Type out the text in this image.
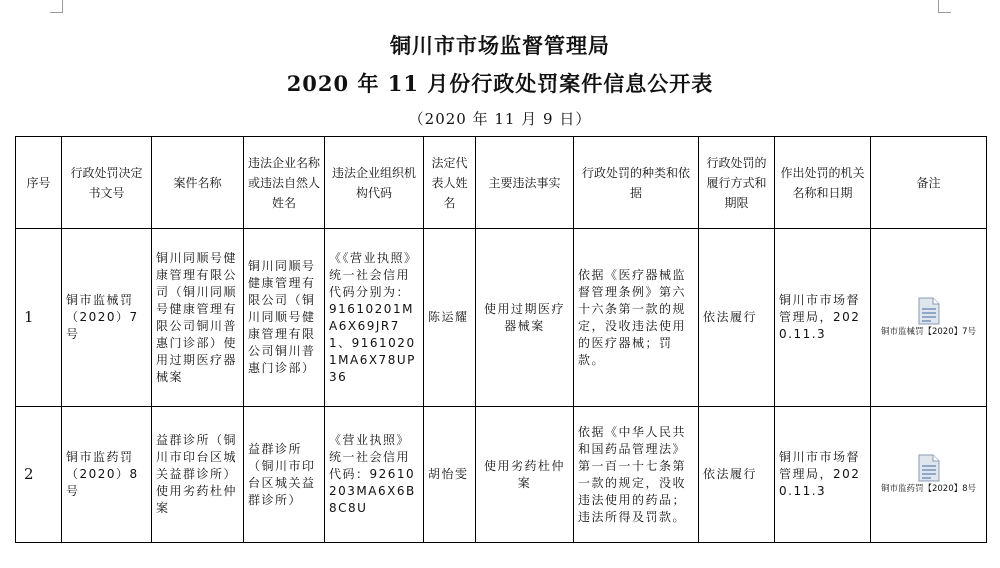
铜川市市场监督管理局
2020 年 11 月份行政处罚案件信息公开表
（2020 年 11 月 9 日）
序号	行政处罚决定书文号	案件名称	违法企业名称或违法自然人姓名	违法企业组织机构代码	法定代表人姓名	主要违法事实	行政处罚的种类和依据	行政处罚的履行方式和期限	作出处罚的机关名称和日期	备注
1	铜市监械罚（2020）7号	铜川同顺号健康管理有限公司（铜川同顺号健康管理有限公司铜川普惠门诊部）使用过期医疗器械案	铜川同顺号健康管理有限公司（铜川同顺号健康管理有限公司铜川普惠门诊部）	《《营业执照》统一社会信用代码分别为：91610201MA6X69JR71、91610201MA6X78UP36	陈运耀	使用过期医疗器械案	依据《医疗器械监督管理条例》第六十六条第一款的规定，没收违法使用的医疗器械；罚款。	依法履行	铜川市市场督管理局，2020.11.3	铜市监械罚【2020】7号

2	铜市监药罚（2020）8号	益群诊所（铜川市印台区城关益群诊所）使用劣药杜仲案	益群诊所（铜川市印台区城关益群诊所）	《营业执照》统一社会信用代码：92610203MA6X6B8C8U	胡怡雯	使用劣药杜仲案	依据《中华人民共和国药品管理法》第一百一十七条第一款的规定，没收违法使用的药品；违法所得及罚款。	依法履行	铜川市市场督管理局，2020.11.3	铜市监药罚【2020】8号
